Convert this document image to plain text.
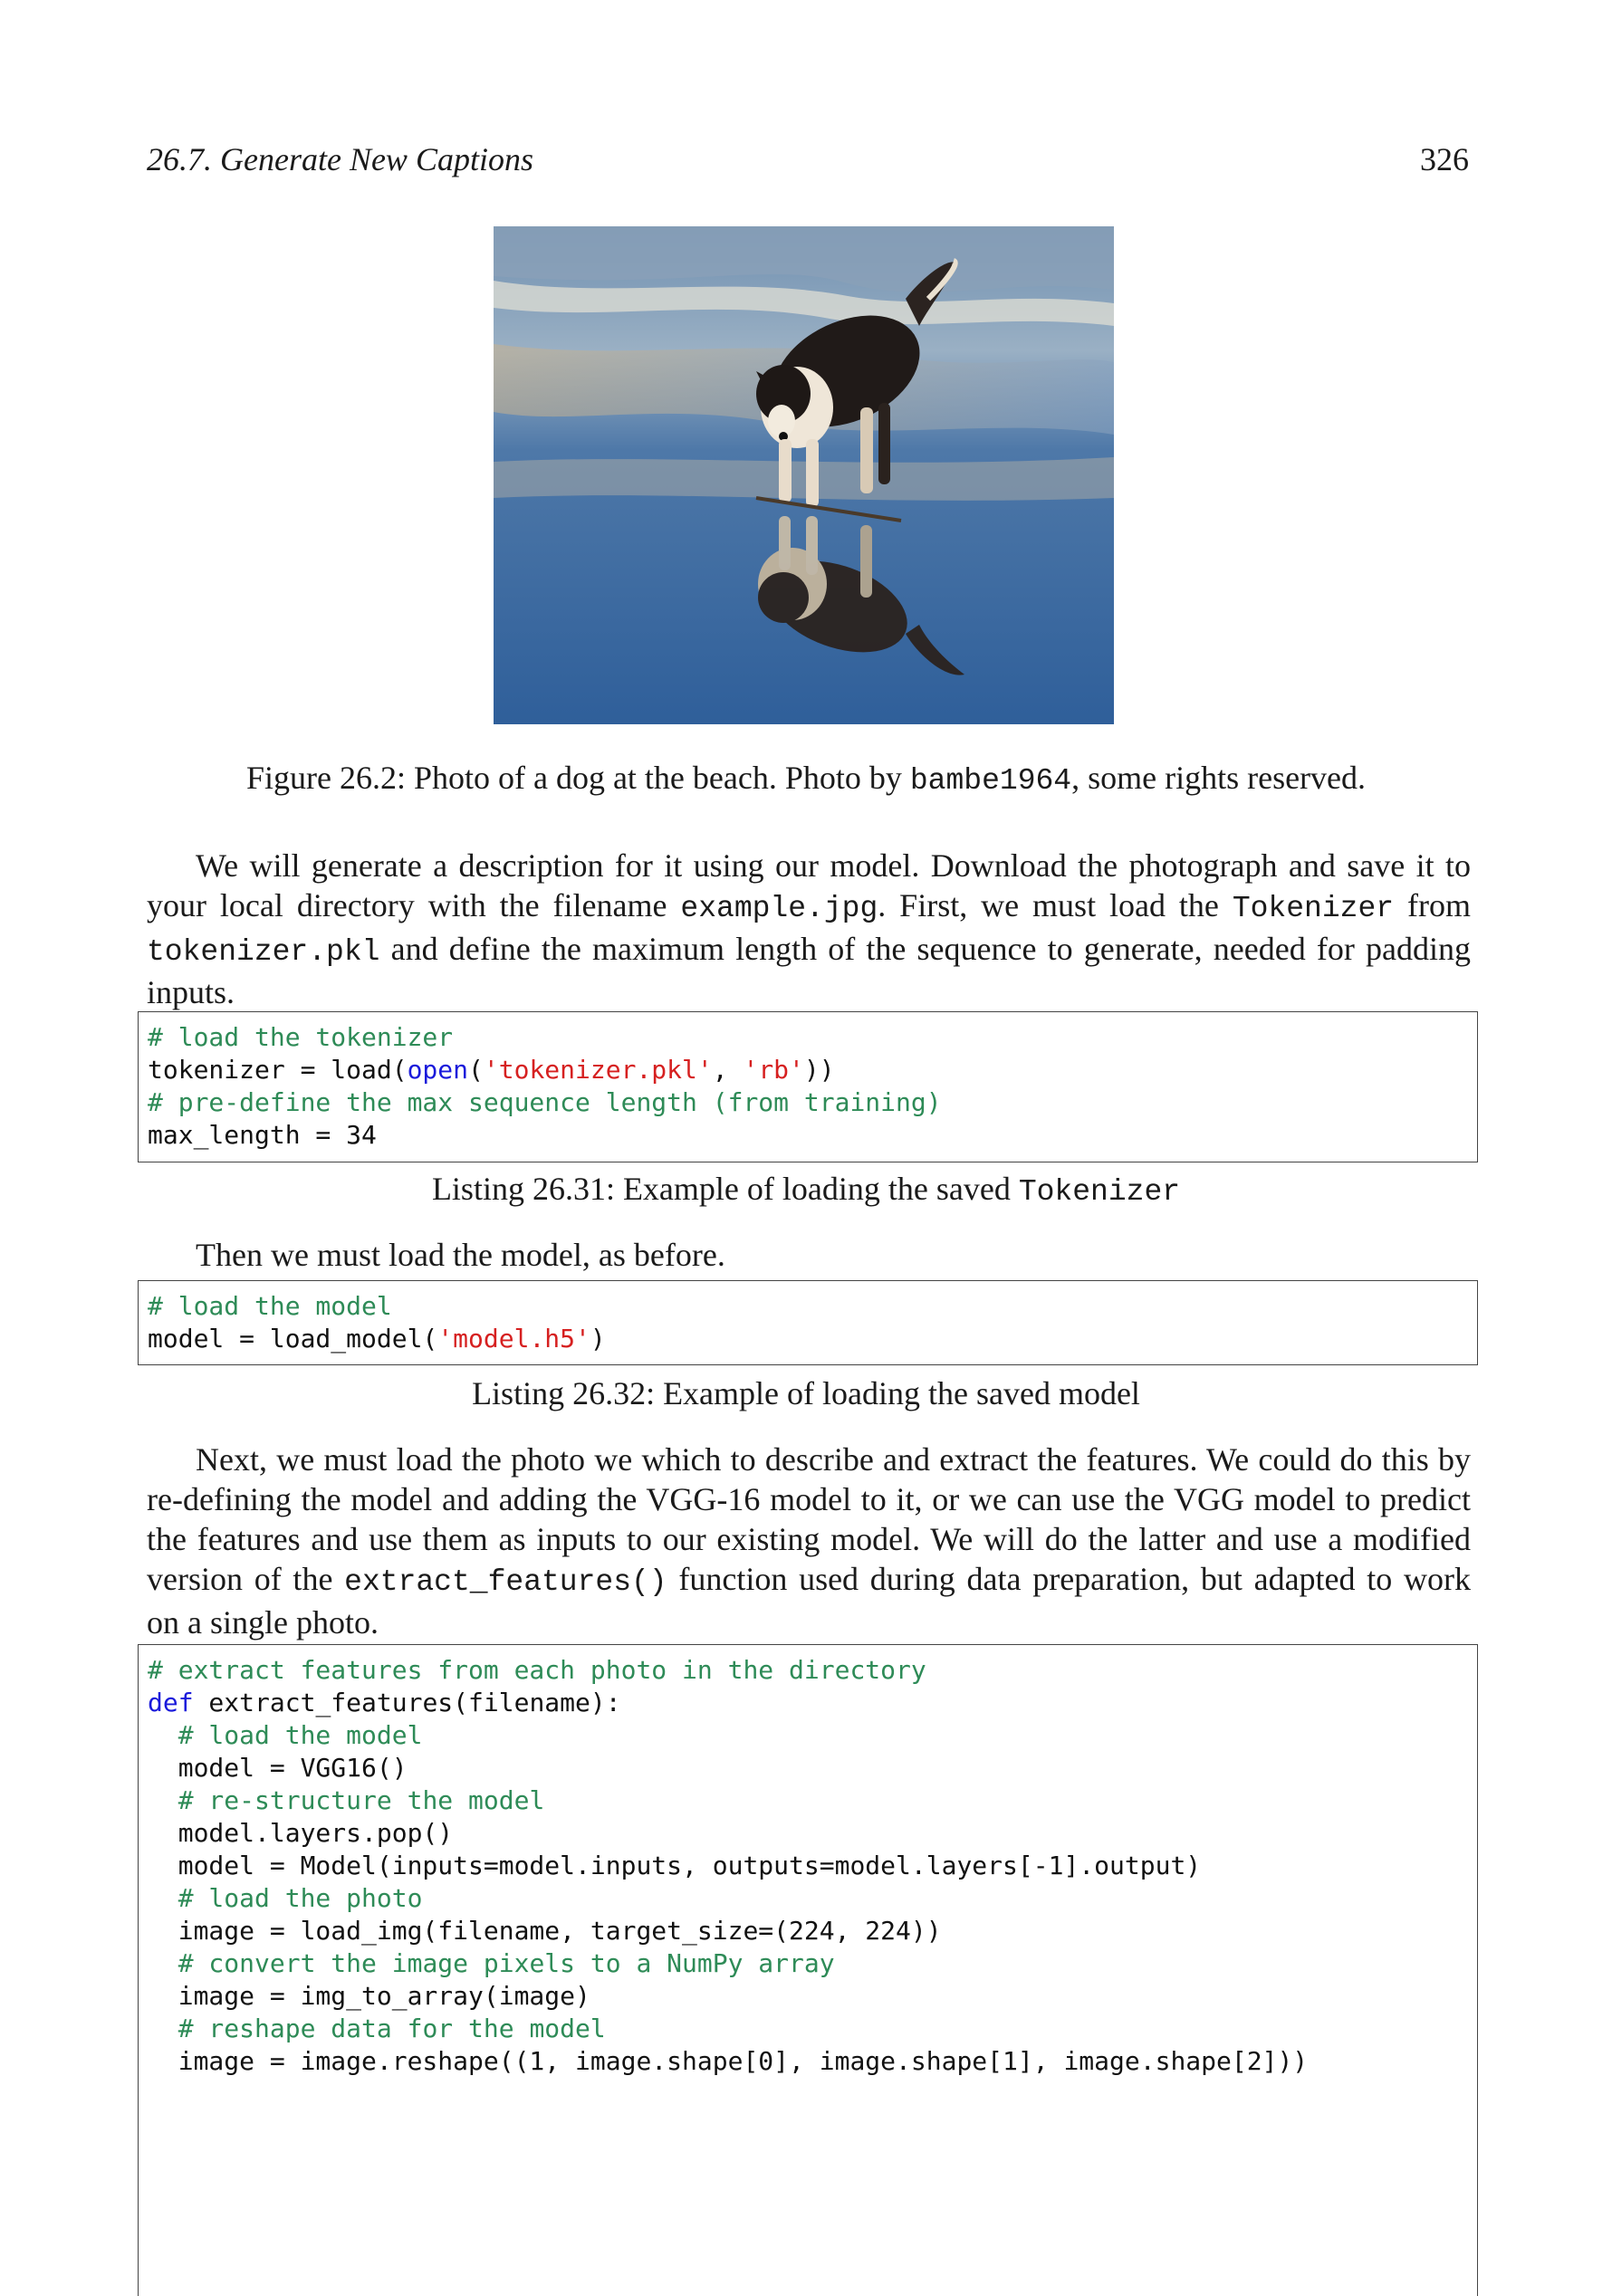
26.7. Generate New Captions	326
Figure 26.2: Photo of a dog at the beach. Photo by bambe1964, some rights reserved.
We will generate a description for it using our model. Download the photograph and save it to your local directory with the filename example.jpg. First, we must load the Tokenizer from tokenizer.pkl and define the maximum length of the sequence to generate, needed for padding inputs.
# load the tokenizer
tokenizer = load(open('tokenizer.pkl', 'rb'))
# pre-define the max sequence length (from training)
max_length = 34
Listing 26.31: Example of loading the saved Tokenizer
Then we must load the model, as before.
# load the model
model = load_model('model.h5')
Listing 26.32: Example of loading the saved model
Next, we must load the photo we which to describe and extract the features. We could do this by re-defining the model and adding the VGG-16 model to it, or we can use the VGG model to predict the features and use them as inputs to our existing model. We will do the latter and use a modified version of the extract_features() function used during data preparation, but adapted to work on a single photo.
# extract features from each photo in the directory
def extract_features(filename):
# load the model
model = VGG16()
# re-structure the model
model.layers.pop()
model = Model(inputs=model.inputs, outputs=model.layers[-1].output)
# load the photo
image = load_img(filename, target_size=(224, 224))
# convert the image pixels to a NumPy array
image = img_to_array(image)
# reshape data for the model
image = image.reshape((1, image.shape[0], image.shape[1], image.shape[2]))
